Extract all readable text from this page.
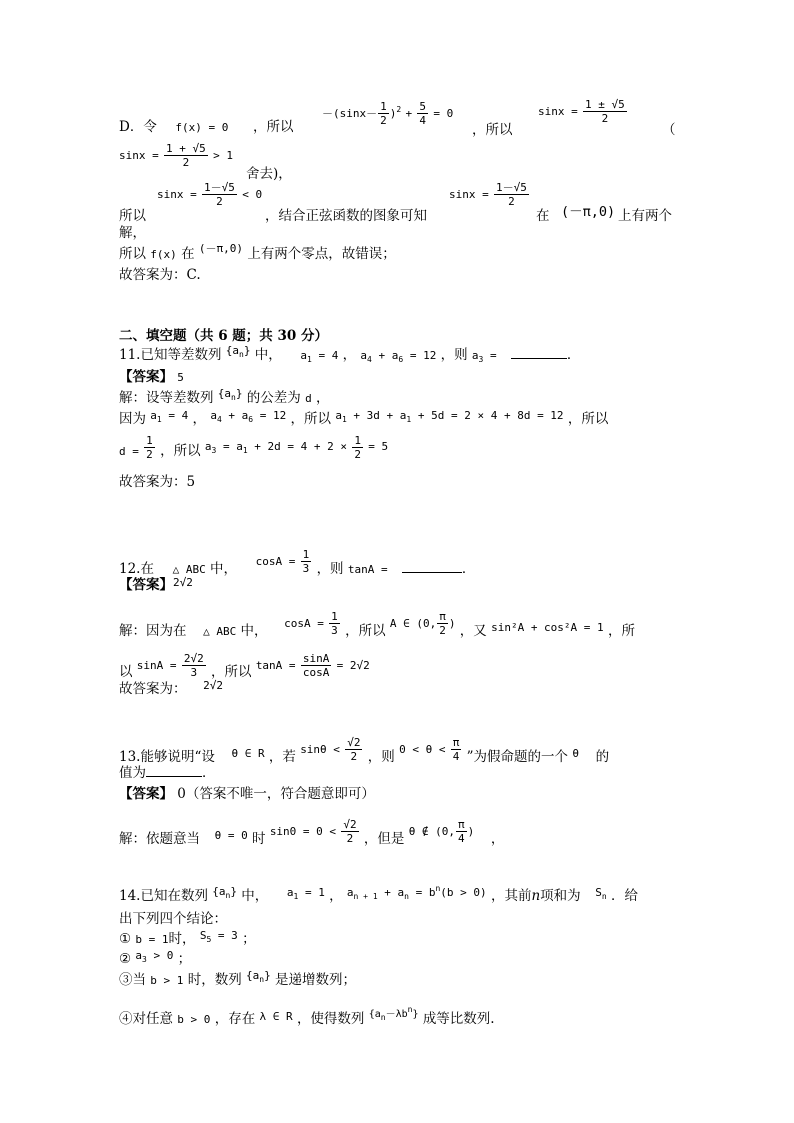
D．令 f(x) = 0 ，所以
$-(\sin x- \frac{1}{2} )^2 + \frac{5}{4} = 0$
，所以
$\sin x = \frac{1 \pm √5}{2}$
（
$\sin x = \frac{1 + √5}{2} > 1$
舍去)，
所以
$\sin x = \frac{1-√5}{2} < 0$
，结合正弦函数的图象可知
$\sin x = \frac{1-√5}{2}$
在 (－π,0) 上有两个
解，
所以 f(x) 在 $^{(-\pi,0)}$ 上有两个零点，故错误；
故答案为：C.
二、填空题（共 6 题；共 30 分）
11.已知等差数列 $^{\{a_n\}}$ 中， $a_1 = 4$ ， $a_4 + a_6 = 12$ ，则 $a_3$ =	．
【答案】 5
解：设等差数列 $^{\{a_n\}}$ 的公差为 d ，
因为 $^{a_1 = 4}$ ， $^{a_4 + a_6 = 12}$ ，所以 $^{a_1 + 3d + a_1 + 5d = 2 \times 4 + 8d = 12}$ ，所以
$d = \frac{1}{2}$ ，所以 $^{a_3 = a_1 + 2d = 4 + 2 \times} \frac{1}{2} ^{= 5}$
故答案为：5
12.在 △ ABC 中， $^{cosA =} \frac{1}{3}$ ，则 tanA =	．
【答案】$^{2√2}$
解：因为在 △ ABC 中， $^{cosA =} \frac{1}{3}$ ，所以 $^{A \in (0,} \frac{\pi}{2} ^)$ ，又 $^{sin^2A + cos^2A = 1}$ ，所
以 $^{sinA =} \frac{2√2}{3}$ ，所以 $^{tanA =} \frac{\sin A}{\cos A} ^{= 2√2}$
故答案为： $^{2√2}$
13.能够说明“设 $^{\theta \in R}$ ，若 $^{sin\theta <} \frac{√2}{2}$ ，则 $^{0 < \theta <} \frac{\pi}{4}$ ”为假命题的一个 $^\theta$ 的
值为	．
【答案】 0（答案不唯一，符合题意即可）
解：依题意当 $^{\theta = 0}$ 时 $^{sin0 = 0 <} \frac{√2}{2}$ ，但是 $^{\theta \notin (0,} \frac{\pi}{4} ^)$ ，
14.已知在数列 $^{\{a_n\}}$ 中， $^{a_1 = 1}$ ， $^{a_{n + 1} + a_n = b^n(b > 0)}$ ，其前n项和为 $^{S_n}$ ．给
出下列四个结论：
① b = 1时， $^{S_5 = 3}$ ；
② $^{a_3 > 0}$ ；
③当 b > 1 时，数列 $^{\{a_n\}}$ 是递增数列；
④对任意 b > 0 ，存在 $^{\lambda \in R}$ ，使得数列 $^{\{a_n-\lambda b^n\}}$ 成等比数列.
